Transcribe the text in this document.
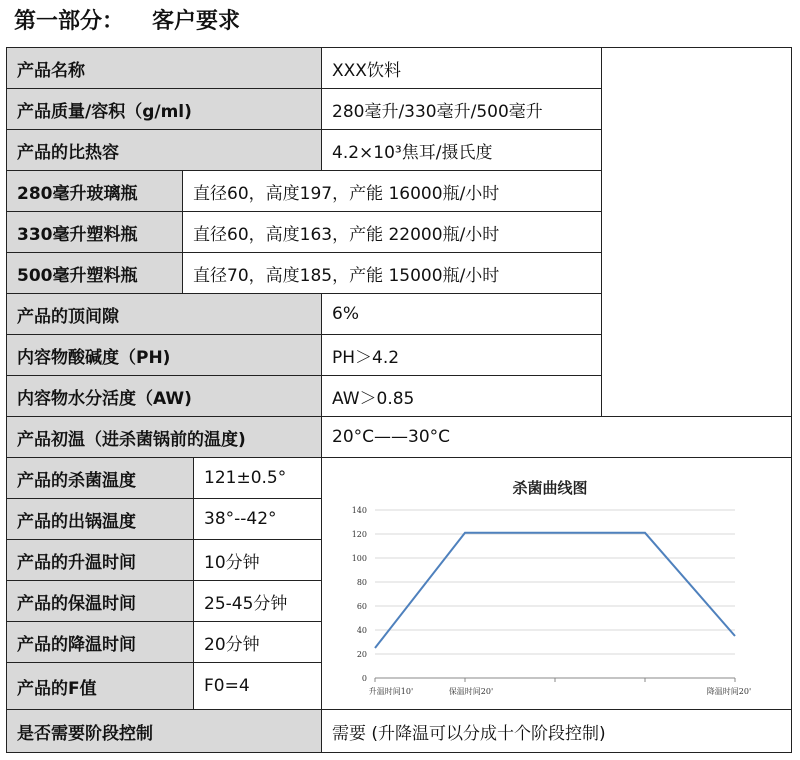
第一部分： 客户要求
产品名称	XXX饮料
产品质量/容积（g/ml)	280毫升/330毫升/500毫升
产品的比热容	4.2×10³焦耳/摄氏度
280毫升玻璃瓶	直径60，高度197，产能 16000瓶/小时
330毫升塑料瓶	直径60，高度163，产能 22000瓶/小时
500毫升塑料瓶	直径70，高度185，产能 15000瓶/小时
产品的顶间隙	6%
内容物酸碱度（PH)	PH＞4.2
内容物水分活度（AW)	AW＞0.85
产品初温（进杀菌锅前的温度)	20°C——30°C
产品的杀菌温度	121±0.5°
产品的出锅温度	38°--42°
产品的升温时间	10分钟
产品的保温时间	25-45分钟
产品的降温时间	20分钟
产品的F值	F0=4
杀菌曲线图
0
20
40
60
80
100
120
140
升温时间10'	保温时间20'	降温时间20'
是否需要阶段控制	需要 (升降温可以分成十个阶段控制)
